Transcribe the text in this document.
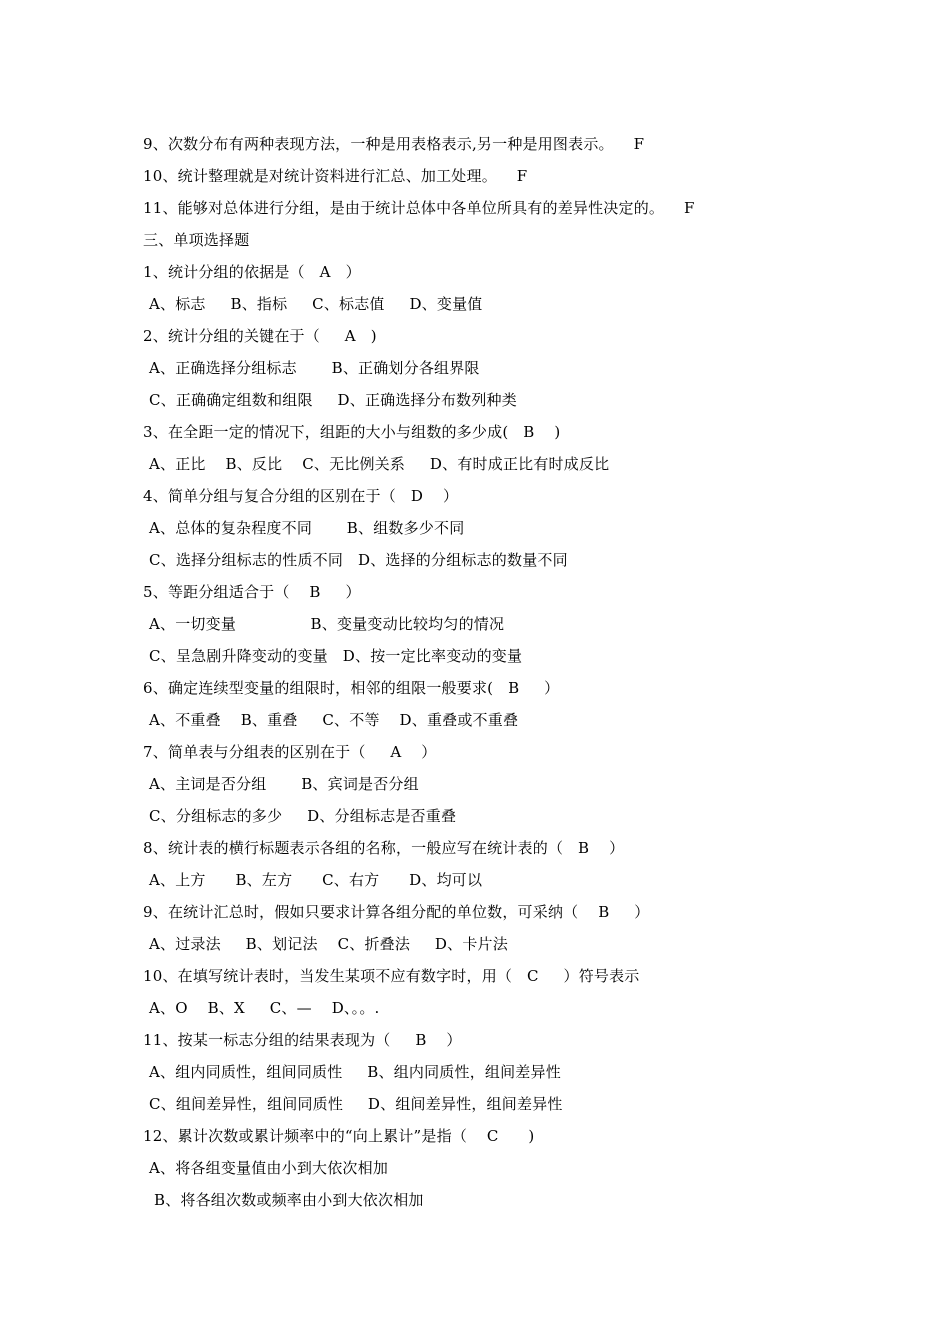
9、次数分布有两种表现方法，一种是用表格表示,另一种是用图表示。    F
10、统计整理就是对统计资料进行汇总、加工处理。    F
11、能够对总体进行分组，是由于统计总体中各单位所具有的差异性决定的。    F
三、单项选择题
1、统计分组的依据是（   A   ）
A、标志     B、指标     C、标志值     D、变量值
2、统计分组的关键在于（     A   )
A、正确选择分组标志       B、正确划分各组界限
C、正确确定组数和组限     D、正确选择分布数列种类
3、在全距一定的情况下，组距的大小与组数的多少成(   B    )
A、正比    B、反比    C、无比例关系     D、有时成正比有时成反比
4、简单分组与复合分组的区别在于（   D    ）
A、总体的复杂程度不同       B、组数多少不同
C、选择分组标志的性质不同   D、选择的分组标志的数量不同
5、等距分组适合于（    B     ）
A、一切变量               B、变量变动比较均匀的情况
C、呈急剧升降变动的变量   D、按一定比率变动的变量
6、确定连续型变量的组限时，相邻的组限一般要求(   B     ）
A、不重叠    B、重叠     C、不等    D、重叠或不重叠
7、简单表与分组表的区别在于（     A    ）
A、主词是否分组       B、宾词是否分组
C、分组标志的多少     D、分组标志是否重叠
8、统计表的横行标题表示各组的名称，一般应写在统计表的（   B    ）
A、上方      B、左方      C、右方      D、均可以
9、在统计汇总时，假如只要求计算各组分配的单位数，可采纳（    B     ）
A、过录法     B、划记法    C、折叠法     D、卡片法
10、在填写统计表时，当发生某项不应有数字时，用（   C     ）符号表示
A、O    B、X     C、—    D、。。.
11、按某一标志分组的结果表现为（     B    ）
A、组内同质性，组间同质性     B、组内同质性，组间差异性
C、组间差异性，组间同质性     D、组间差异性，组间差异性
12、累计次数或累计频率中的“向上累计”是指（    C      )
A、将各组变量值由小到大依次相加
B、将各组次数或频率由小到大依次相加
